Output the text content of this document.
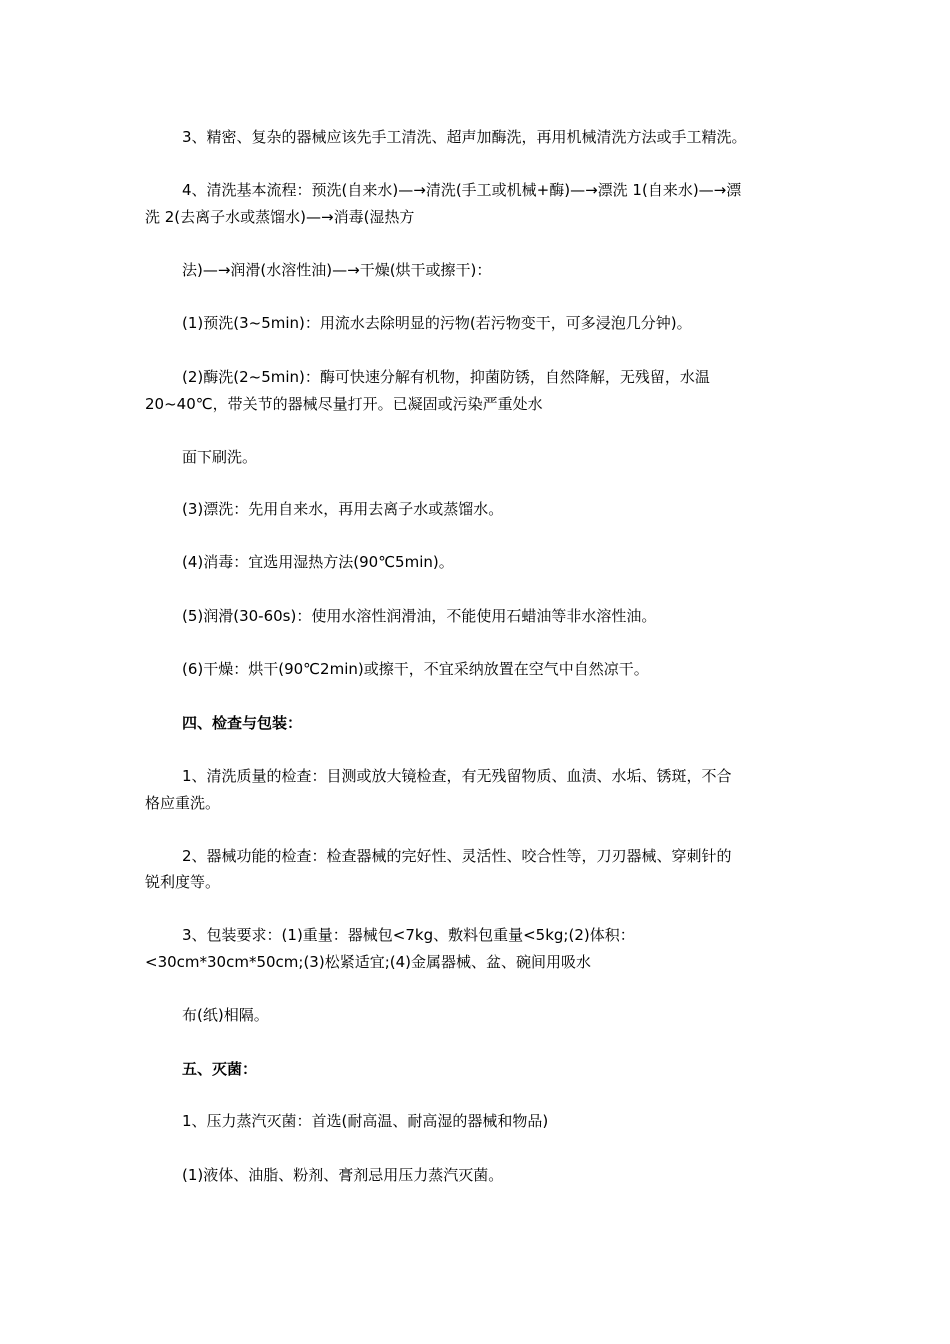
3、精密、复杂的器械应该先手工清洗、超声加酶洗，再用机械清洗方法或手工精洗。

4、清洗基本流程：预洗(自来水)—→清洗(手工或机械+酶)—→漂洗 1(自来水)—→漂

洗 2(去离子水或蒸馏水)—→消毒(湿热方

法)—→润滑(水溶性油)—→干燥(烘干或擦干)：

(1)预洗(3~5min)：用流水去除明显的污物(若污物变干，可多浸泡几分钟)。

(2)酶洗(2~5min)：酶可快速分解有机物，抑菌防锈，自然降解，无残留，水温

20~40℃，带关节的器械尽量打开。已凝固或污染严重处水

面下刷洗。

(3)漂洗：先用自来水，再用去离子水或蒸馏水。

(4)消毒：宜选用湿热方法(90℃5min)。

(5)润滑(30-60s)：使用水溶性润滑油，不能使用石蜡油等非水溶性油。

(6)干燥：烘干(90℃2min)或擦干，不宜采纳放置在空气中自然凉干。

四、检查与包装：

1、清洗质量的检查：目测或放大镜检查，有无残留物质、血渍、水垢、锈斑，不合

格应重洗。

2、器械功能的检查：检查器械的完好性、灵活性、咬合性等，刀刃器械、穿刺针的

锐利度等。

3、包装要求：(1)重量：器械包<7kg、敷料包重量<5kg;(2)体积：

<30cm*30cm*50cm;(3)松紧适宜;(4)金属器械、盆、碗间用吸水

布(纸)相隔。

五、灭菌：

1、压力蒸汽灭菌：首选(耐高温、耐高湿的器械和物品)

(1)液体、油脂、粉剂、膏剂忌用压力蒸汽灭菌。
